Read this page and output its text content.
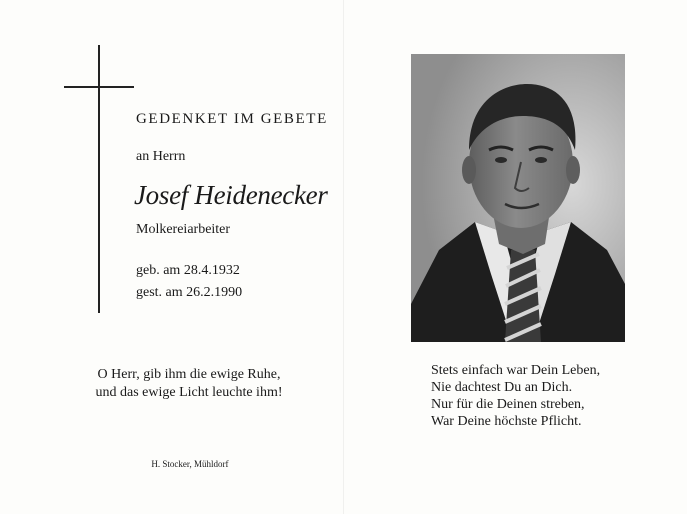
GEDENKET IM GEBETE
an Herrn
Josef Heidenecker
Molkereiarbeiter
geb. am 28.4.1932
gest. am 26.2.1990
O Herr, gib ihm die ewige Ruhe,
und das ewige Licht leuchte ihm!
H. Stocker, Mühldorf
Stets einfach war Dein Leben,
Nie dachtest Du an Dich.
Nur für die Deinen streben,
War Deine höchste Pflicht.
